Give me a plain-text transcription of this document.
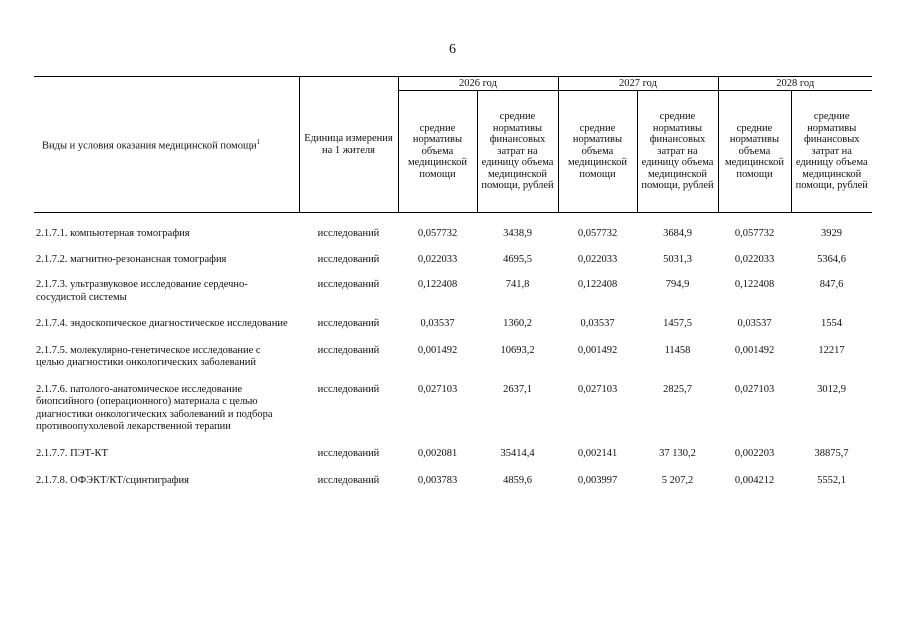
6
Виды и условия оказания медицинской помощи$^1$	Единица измерения на 1 жителя	2026 год		2027 год		2028 год	
		средние нормативы объема медицинской помощи	средние нормативы финансовых затрат на единицу объема медицинской помощи, рублей	средние нормативы объема медицинской помощи	средние нормативы финансовых затрат на единицу объема медицинской помощи, рублей	средние нормативы объема медицинской помощи	средние нормативы финансовых затрат на единицу объема медицинской помощи, рублей

2.1.7.1. компьютерная томография	исследований	0,057732	3438,9	0,057732	3684,9	0,057732	3929

2.1.7.2. магнитно-резонансная томография	исследований	0,022033	4695,5	0,022033	5031,3	0,022033	5364,6

2.1.7.3. ультразвуковое исследование сердечно-сосудистой системы	исследований	0,122408	741,8	0,122408	794,9	0,122408	847,6

2.1.7.4. эндоскопическое диагностическое исследование	исследований	0,03537	1360,2	0,03537	1457,5	0,03537	1554

2.1.7.5. молекулярно-генетическое исследование с целью диагностики онкологических заболеваний	исследований	0,001492	10693,2	0,001492	11458	0,001492	12217

2.1.7.6. патолого-анатомическое исследование биопсийного (операционного) материала с целью диагностики онкологических заболеваний и подбора противоопухолевой лекарственной терапии	исследований	0,027103	2637,1	0,027103	2825,7	0,027103	3012,9

2.1.7.7. ПЭТ-КТ	исследований	0,002081	35414,4	0,002141	37 130,2	0,002203	38875,7

2.1.7.8. ОФЭКТ/КТ/сцинтиграфия	исследований	0,003783	4859,6	0,003997	5 207,2	0,004212	5552,1
